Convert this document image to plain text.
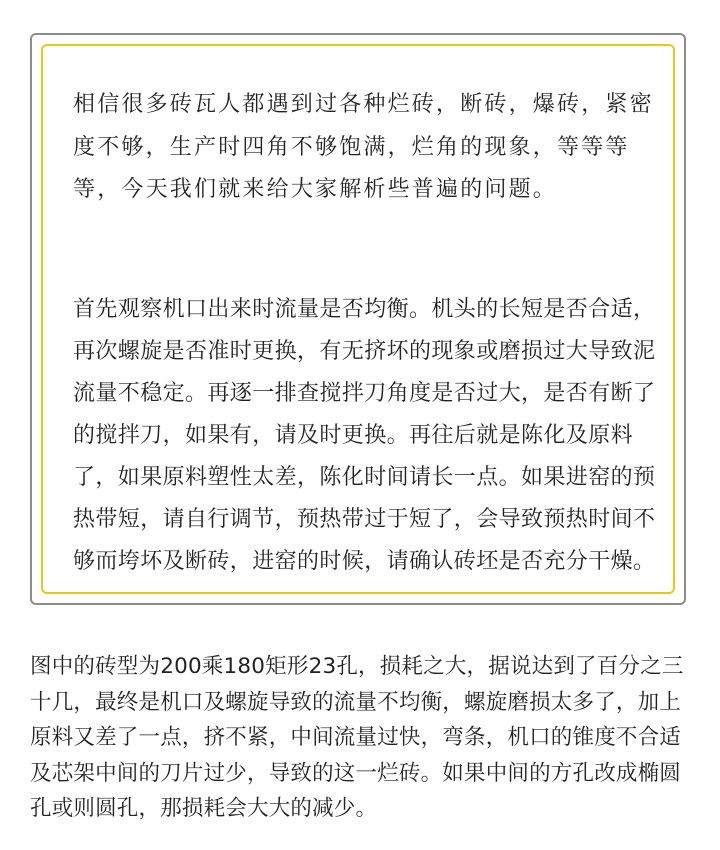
相信很多砖瓦人都遇到过各种烂砖，断砖，爆砖，紧密度不够，生产时四角不够饱满，烂角的现象，等等等等，今天我们就来给大家解析些普遍的问题。

首先观察机口出来时流量是否均衡。机头的长短是否合适，再次螺旋是否准时更换，有无挤坏的现象或磨损过大导致泥流量不稳定。再逐一排查搅拌刀角度是否过大，是否有断了的搅拌刀，如果有，请及时更换。再往后就是陈化及原料了，如果原料塑性太差，陈化时间请长一点。如果进窑的预热带短，请自行调节，预热带过于短了，会导致预热时间不够而垮坏及断砖，进窑的时候，请确认砖坯是否充分干燥。

图中的砖型为200乘180矩形23孔，损耗之大，据说达到了百分之三十几，最终是机口及螺旋导致的流量不均衡，螺旋磨损太多了，加上原料又差了一点，挤不紧，中间流量过快，弯条，机口的锥度不合适及芯架中间的刀片过少，导致的这一烂砖。如果中间的方孔改成椭圆孔或则圆孔，那损耗会大大的减少。
